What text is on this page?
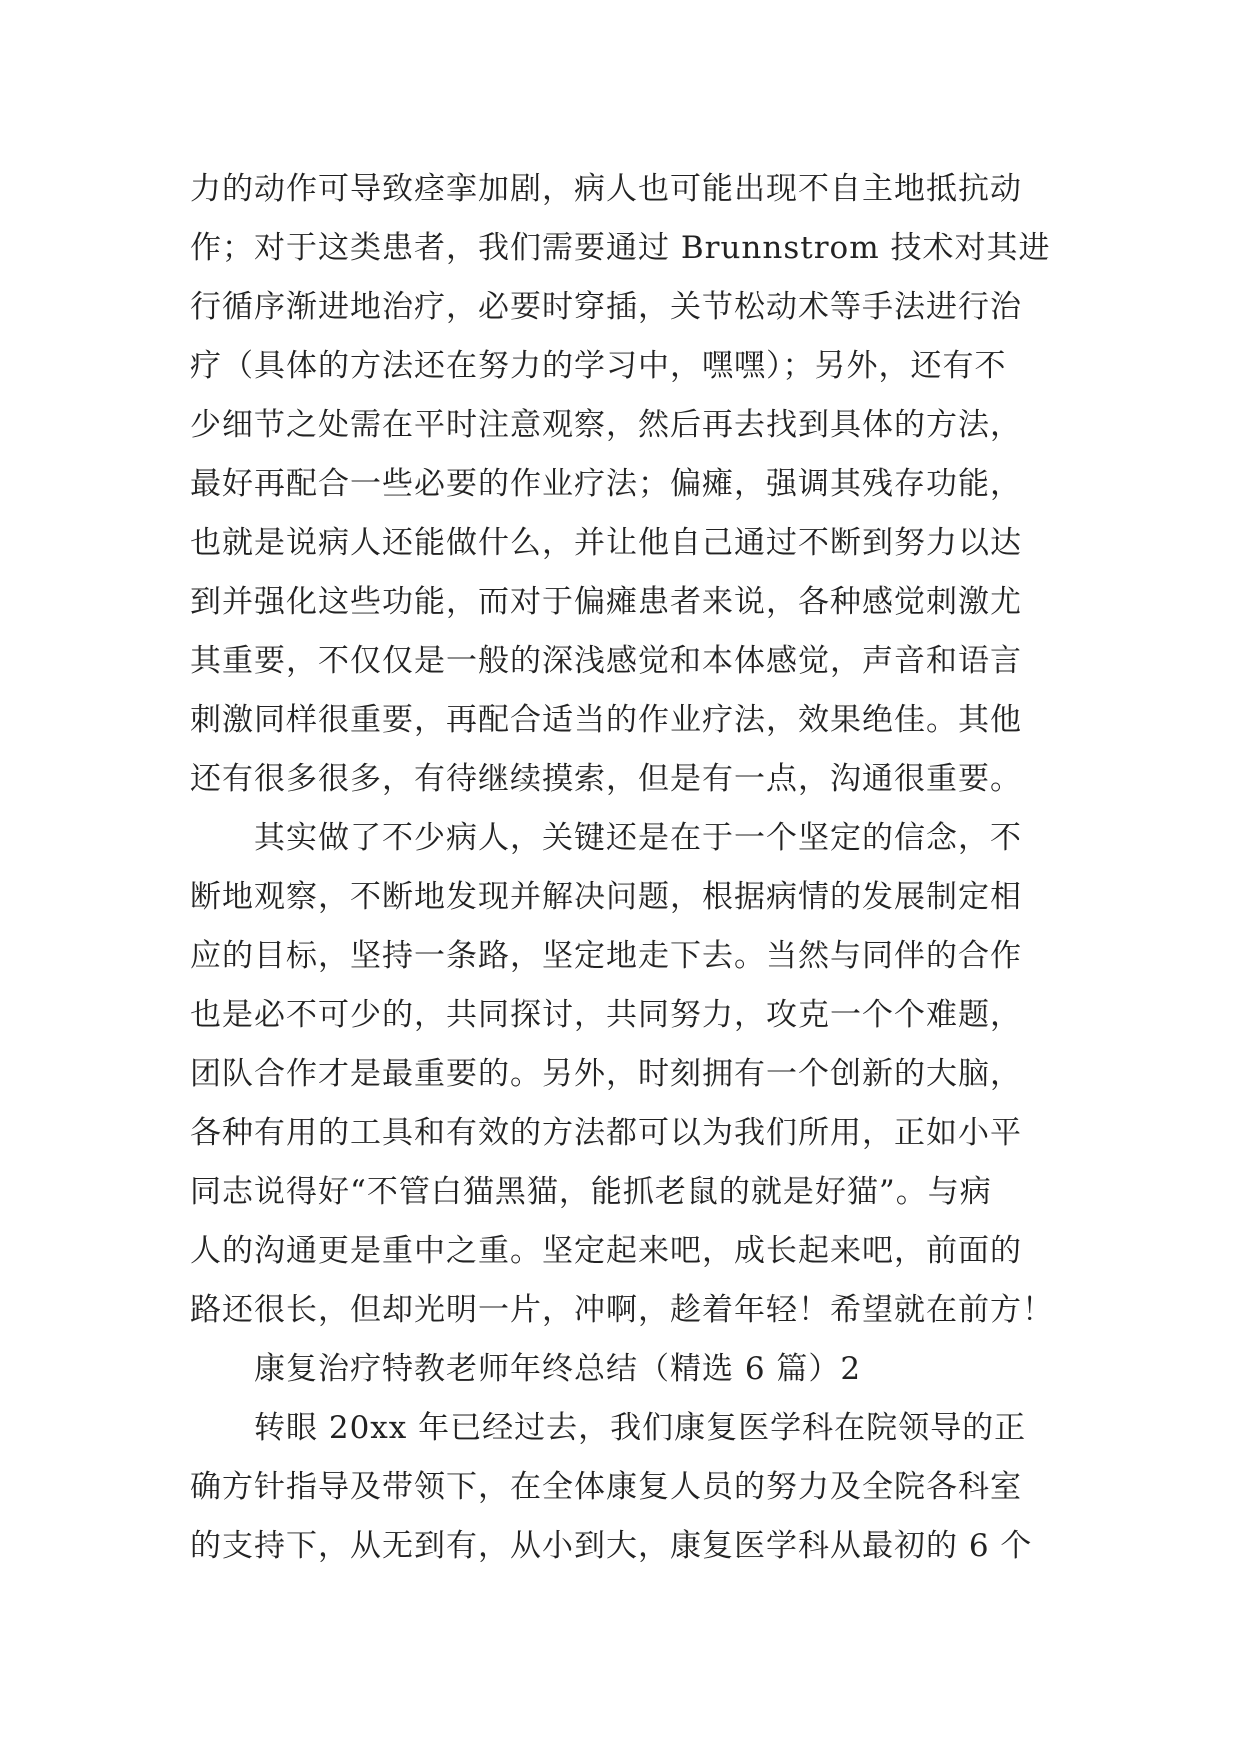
力的动作可导致痉挛加剧，病人也可能出现不自主地抵抗动
作；对于这类患者，我们需要通过 Brunnstrom 技术对其进
行循序渐进地治疗，必要时穿插，关节松动术等手法进行治
疗（具体的方法还在努力的学习中，嘿嘿）；另外，还有不
少细节之处需在平时注意观察，然后再去找到具体的方法，
最好再配合一些必要的作业疗法；偏瘫，强调其残存功能，
也就是说病人还能做什么，并让他自己通过不断到努力以达
到并强化这些功能，而对于偏瘫患者来说，各种感觉刺激尤
其重要，不仅仅是一般的深浅感觉和本体感觉，声音和语言
刺激同样很重要，再配合适当的作业疗法，效果绝佳。其他
还有很多很多，有待继续摸索，但是有一点，沟通很重要。
其实做了不少病人，关键还是在于一个坚定的信念，不
断地观察，不断地发现并解决问题，根据病情的发展制定相
应的目标，坚持一条路，坚定地走下去。当然与同伴的合作
也是必不可少的，共同探讨，共同努力，攻克一个个难题，
团队合作才是最重要的。另外，时刻拥有一个创新的大脑，
各种有用的工具和有效的方法都可以为我们所用，正如小平
同志说得好“不管白猫黑猫，能抓老鼠的就是好猫”。与病
人的沟通更是重中之重。坚定起来吧，成长起来吧，前面的
路还很长，但却光明一片，冲啊，趁着年轻！希望就在前方！
康复治疗特教老师年终总结（精选 6 篇）2
转眼 20xx 年已经过去，我们康复医学科在院领导的正
确方针指导及带领下，在全体康复人员的努力及全院各科室
的支持下，从无到有，从小到大，康复医学科从最初的 6 个
